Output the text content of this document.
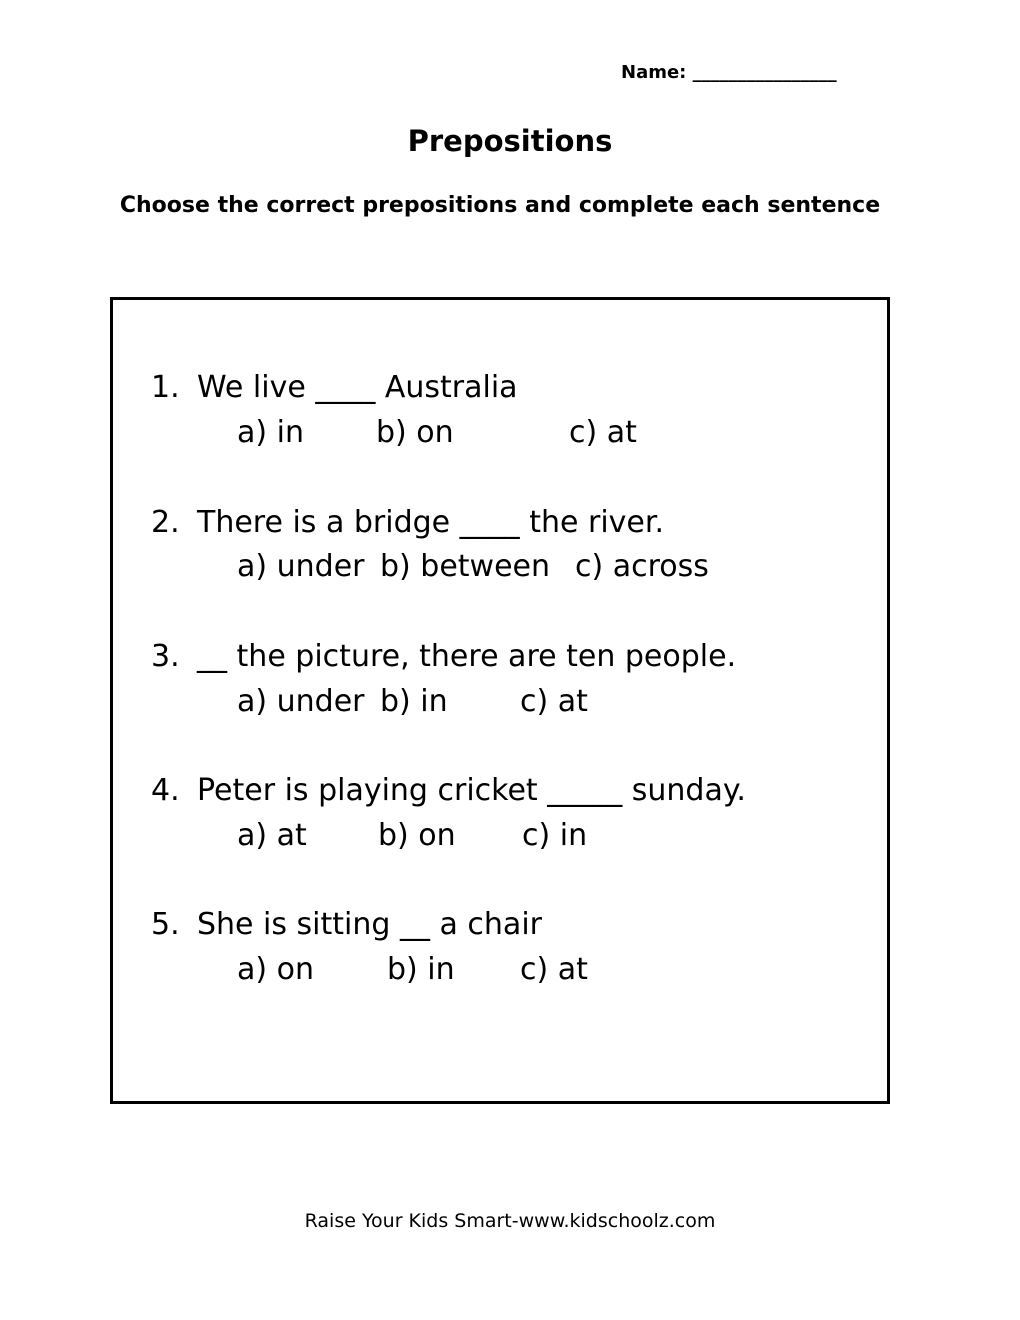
Name: ________________
Prepositions
Choose the correct prepositions and complete each sentence
1. We live ____ Australia
a) in b) on	c) at
2. There is a bridge ____ the river.
a) under b) between c) across
3. __ the picture, there are ten people.
a) under b) in c) at
4. Peter is playing cricket _____ sunday.
a) at b) on c) in
5. She is sitting __ a chair
a) on b) in c) at
Raise Your Kids Smart-www.kidschoolz.com
